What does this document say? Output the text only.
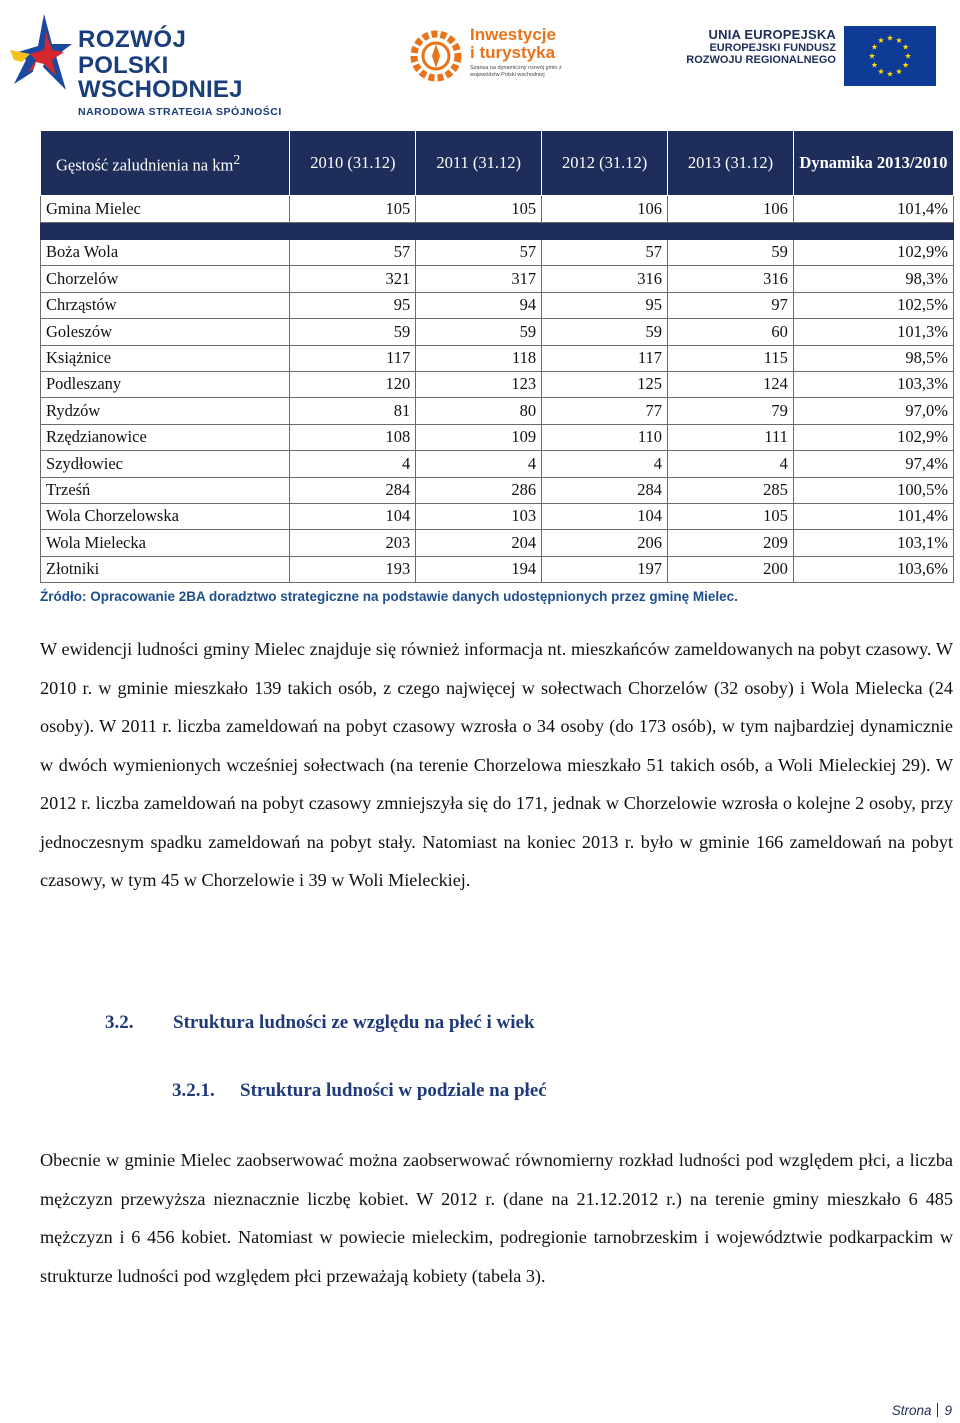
ROZWÓJ
POLSKI WSCHODNIEJ
NARODOWA STRATEGIA SPÓJNOŚCI
Inwestycje
i turystyka
Szansa na dynamiczny rozwój gmin z województw Polski wschodniej
UNIA EUROPEJSKA
EUROPEJSKI FUNDUSZ
ROZWOJU REGIONALNEGO
Gęstość zaludnienia na $km^2$	2010 (31.12)	2011 (31.12)	2012 (31.12)	2013 (31.12)	Dynamika 2013/2010
Gmina Mielec	105	105	106	106	101,4%

Boża Wola	57	57	57	59	102,9%
Chorzelów	321	317	316	316	98,3%
Chrząstów	95	94	95	97	102,5%
Goleszów	59	59	59	60	101,3%
Książnice	117	118	117	115	98,5%
Podleszany	120	123	125	124	103,3%
Rydzów	81	80	77	79	97,0%
Rzędzianowice	108	109	110	111	102,9%
Szydłowiec	4	4	4	4	97,4%
Trześń	284	286	284	285	100,5%
Wola Chorzelowska	104	103	104	105	101,4%
Wola Mielecka	203	204	206	209	103,1%
Złotniki	193	194	197	200	103,6%
Źródło: Opracowanie 2BA doradztwo strategiczne na podstawie danych udostępnionych przez gminę Mielec.

W ewidencji ludności gminy Mielec znajduje się również informacja nt. mieszkańców zameldowanych na pobyt czasowy. W 2010 r. w gminie mieszkało 139 takich osób, z czego najwięcej w sołectwach Chorzelów (32 osoby) i Wola Mielecka (24 osoby). W 2011 r. liczba zameldowań na pobyt czasowy wzrosła o 34 osoby (do 173 osób), w tym najbardziej dynamicznie w dwóch wymienionych wcześniej sołectwach (na terenie Chorzelowa mieszkało 51 takich osób, a Woli Mieleckiej 29). W 2012 r. liczba zameldowań na pobyt czasowy zmniejszyła się do 171, jednak w Chorzelowie wzrosła o kolejne 2 osoby, przy jednoczesnym spadku zameldowań na pobyt stały. Natomiast na koniec 2013 r. było w gminie 166 zameldowań na pobyt czasowy, w tym 45 w Chorzelowie i 39 w Woli Mieleckiej.

3.2. Struktura ludności ze względu na płeć i wiek
3.2.1. Struktura ludności w podziale na płeć

Obecnie w gminie Mielec zaobserwować można zaobserwować równomierny rozkład ludności pod względem płci, a liczba mężczyzn przewyższa nieznacznie liczbę kobiet. W 2012 r. (dane na 21.12.2012 r.) na terenie gminy mieszkało 6 485 mężczyzn i 6 456 kobiet. Natomiast w powiecie mieleckim, podregionie tarnobrzeskim i województwie podkarpackim w strukturze ludności pod względem płci przeważają kobiety (tabela 3).

Strona 9
